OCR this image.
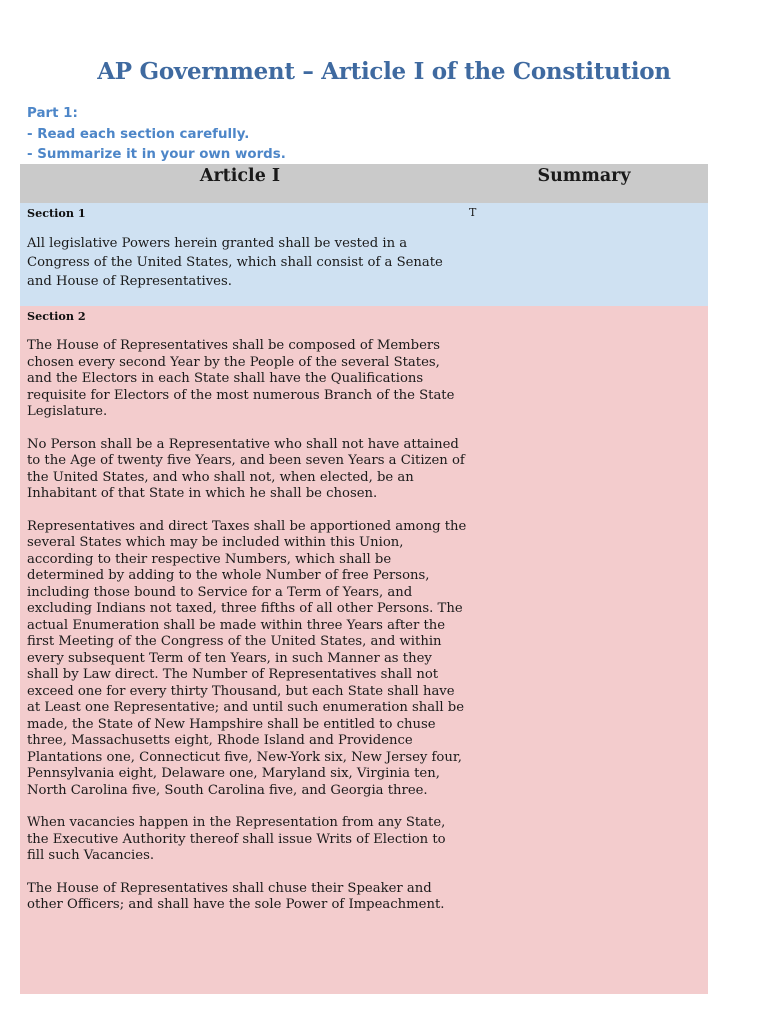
AP Government – Article I of the Constitution
Part 1:
- Read each section carefully.
- Summarize it in your own words.
Article I	Summary
Section 1

All legislative Powers herein granted shall be vested in a Congress of the United States, which shall consist of a Senate and House of Representatives.

T
Section 2

The House of Representatives shall be composed of Members chosen every second Year by the People of the several States, and the Electors in each State shall have the Qualifications requisite for Electors of the most numerous Branch of the State Legislature.

No Person shall be a Representative who shall not have attained to the Age of twenty five Years, and been seven Years a Citizen of the United States, and who shall not, when elected, be an Inhabitant of that State in which he shall be chosen.

Representatives and direct Taxes shall be apportioned among the several States which may be included within this Union, according to their respective Numbers, which shall be determined by adding to the whole Number of free Persons, including those bound to Service for a Term of Years, and excluding Indians not taxed, three fifths of all other Persons. The actual Enumeration shall be made within three Years after the first Meeting of the Congress of the United States, and within every subsequent Term of ten Years, in such Manner as they shall by Law direct. The Number of Representatives shall not exceed one for every thirty Thousand, but each State shall have at Least one Representative; and until such enumeration shall be made, the State of New Hampshire shall be entitled to chuse three, Massachusetts eight, Rhode Island and Providence Plantations one, Connecticut five, New-York six, New Jersey four, Pennsylvania eight, Delaware one, Maryland six, Virginia ten, North Carolina five, South Carolina five, and Georgia three.

When vacancies happen in the Representation from any State, the Executive Authority thereof shall issue Writs of Election to fill such Vacancies.

The House of Representatives shall chuse their Speaker and other Officers; and shall have the sole Power of Impeachment.
